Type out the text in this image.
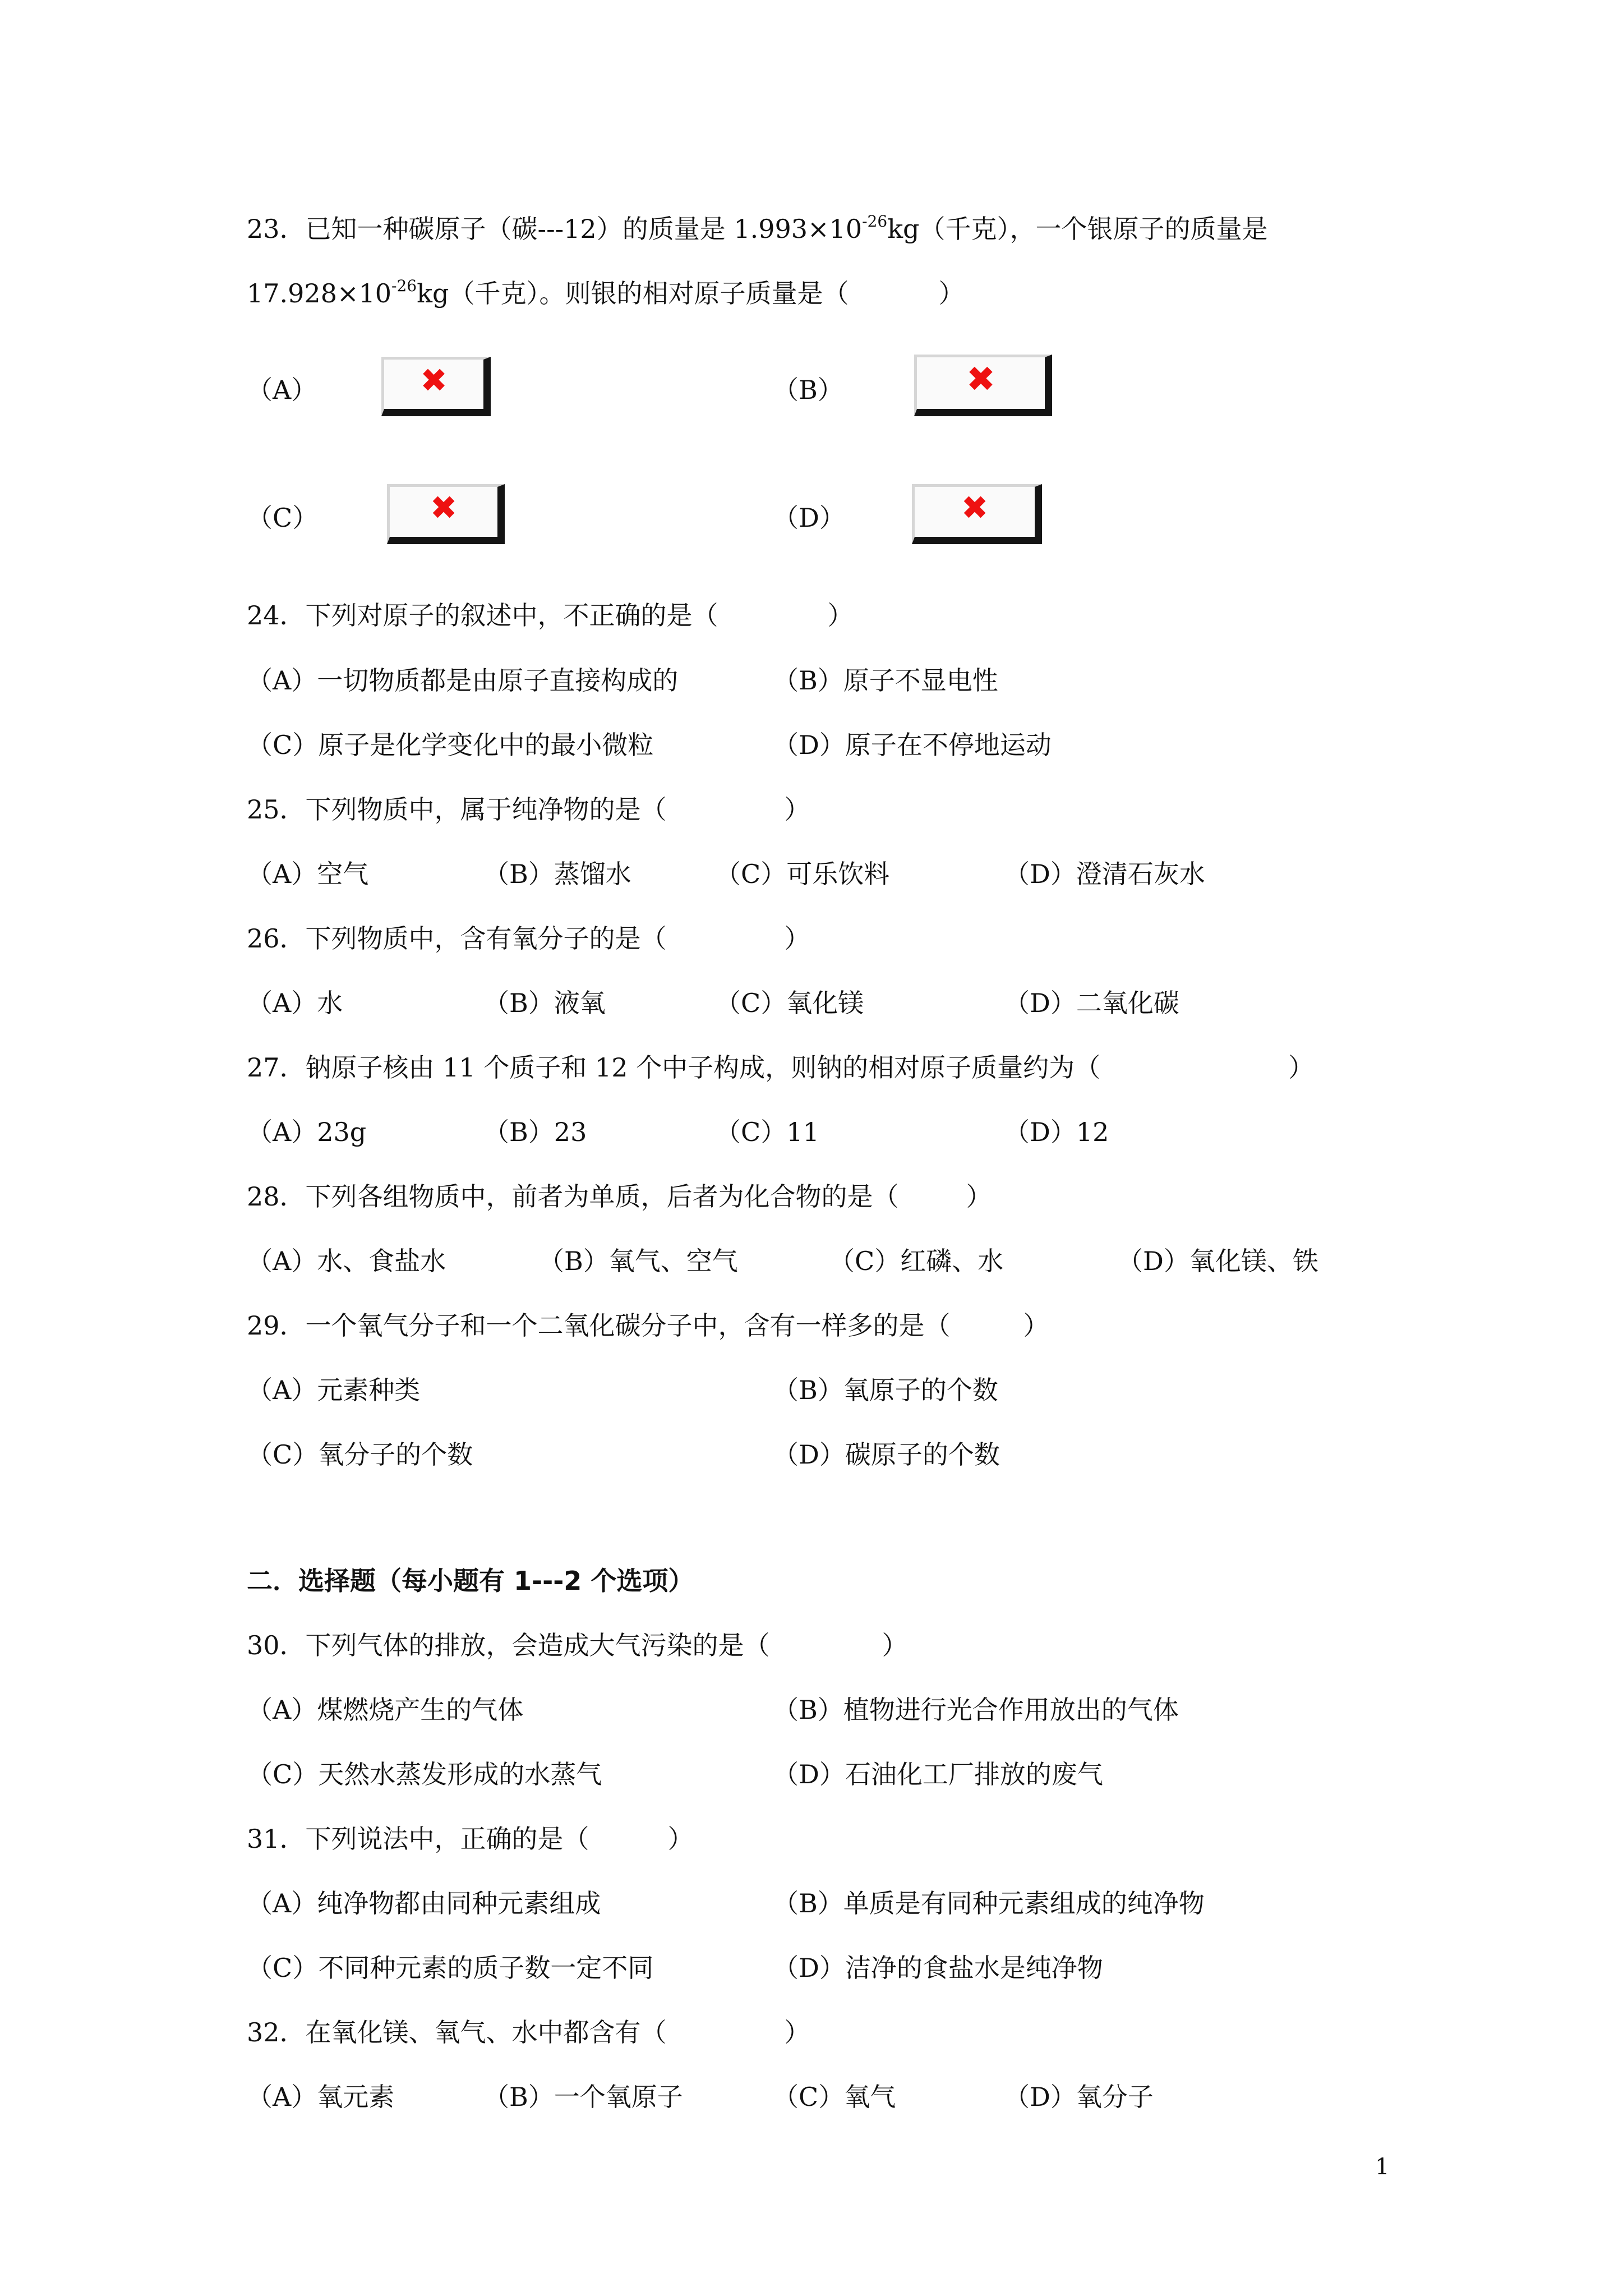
23．已知一种碳原子（碳---12）的质量是 $1.993\times 10^{-26}kg$（千克），一个银原子的质量是
$17.928\times 10^{-26}kg$（千克）。则银的相对原子质量是（	）
（A）	✖	（B）	✖
（C）	✖	（D）	✖
24．下列对原子的叙述中，不正确的是（	）
（A）一切物质都是由原子直接构成的	（B）原子不显电性
（C）原子是化学变化中的最小微粒	（D）原子在不停地运动
25．下列物质中，属于纯净物的是（	）
（A）空气	（B）蒸馏水	（C）可乐饮料	（D）澄清石灰水
26．下列物质中，含有氧分子的是（	）
（A）水	（B）液氧	（C）氧化镁	（D）二氧化碳
27．钠原子核由 11 个质子和 12 个中子构成，则钠的相对原子质量约为（	）
（A）23g	（B）23	（C）11	（D）12
28．下列各组物质中，前者为单质，后者为化合物的是（	）
（A）水、食盐水	（B）氧气、空气	（C）红磷、水	（D）氧化镁、铁
29．一个氧气分子和一个二氧化碳分子中，含有一样多的是（	）
（A）元素种类	（B）氧原子的个数
（C）氧分子的个数	（D）碳原子的个数
二．选择题（每小题有 1---2 个选项）
30．下列气体的排放，会造成大气污染的是（	）
（A）煤燃烧产生的气体	（B）植物进行光合作用放出的气体
（C）天然水蒸发形成的水蒸气	（D）石油化工厂排放的废气
31．下列说法中，正确的是（	）
（A）纯净物都由同种元素组成	（B）单质是有同种元素组成的纯净物
（C）不同种元素的质子数一定不同	（D）洁净的食盐水是纯净物
32．在氧化镁、氧气、水中都含有（	）
（A）氧元素	（B）一个氧原子	（C）氧气	（D）氧分子
1
